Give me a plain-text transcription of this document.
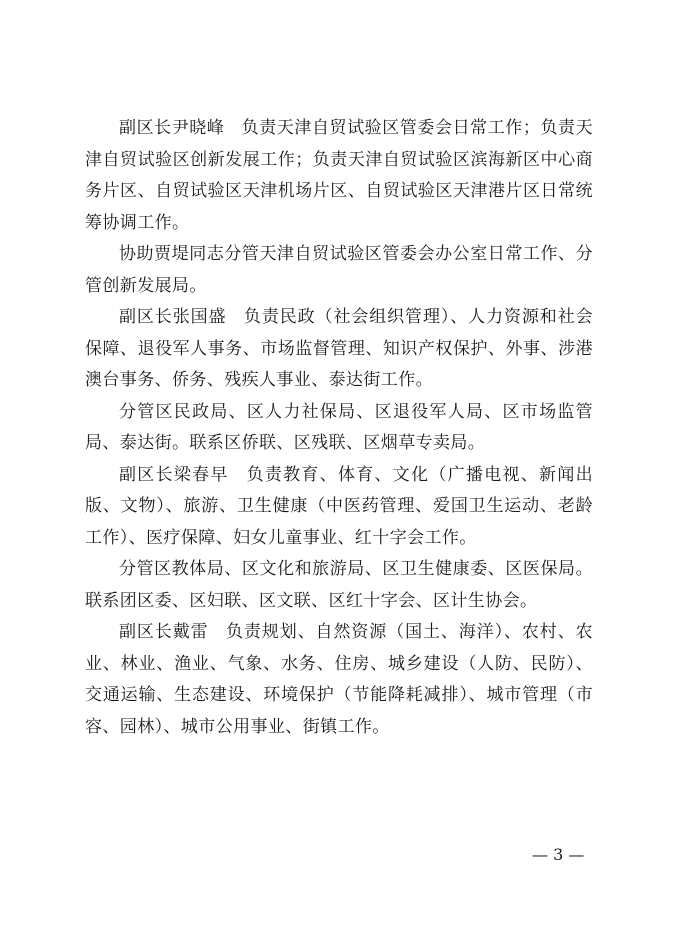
副区长尹晓峰 负责天津自贸试验区管委会日常工作；负责天津自贸试验区创新发展工作；负责天津自贸试验区滨海新区中心商务片区、自贸试验区天津机场片区、自贸试验区天津港片区日常统筹协调工作。

协助贾堤同志分管天津自贸试验区管委会办公室日常工作、分管创新发展局。

副区长张国盛 负责民政（社会组织管理）、人力资源和社会保障、退役军人事务、市场监督管理、知识产权保护、外事、涉港澳台事务、侨务、残疾人事业、泰达街工作。

分管区民政局、区人力社保局、区退役军人局、区市场监管局、泰达街。联系区侨联、区残联、区烟草专卖局。

副区长梁春早 负责教育、体育、文化（广播电视、新闻出版、文物）、旅游、卫生健康（中医药管理、爱国卫生运动、老龄工作）、医疗保障、妇女儿童事业、红十字会工作。

分管区教体局、区文化和旅游局、区卫生健康委、区医保局。联系团区委、区妇联、区文联、区红十字会、区计生协会。

副区长戴雷 负责规划、自然资源（国土、海洋）、农村、农业、林业、渔业、气象、水务、住房、城乡建设（人防、民防）、交通运输、生态建设、环境保护（节能降耗减排）、城市管理（市容、园林）、城市公用事业、街镇工作。

— 3 —
